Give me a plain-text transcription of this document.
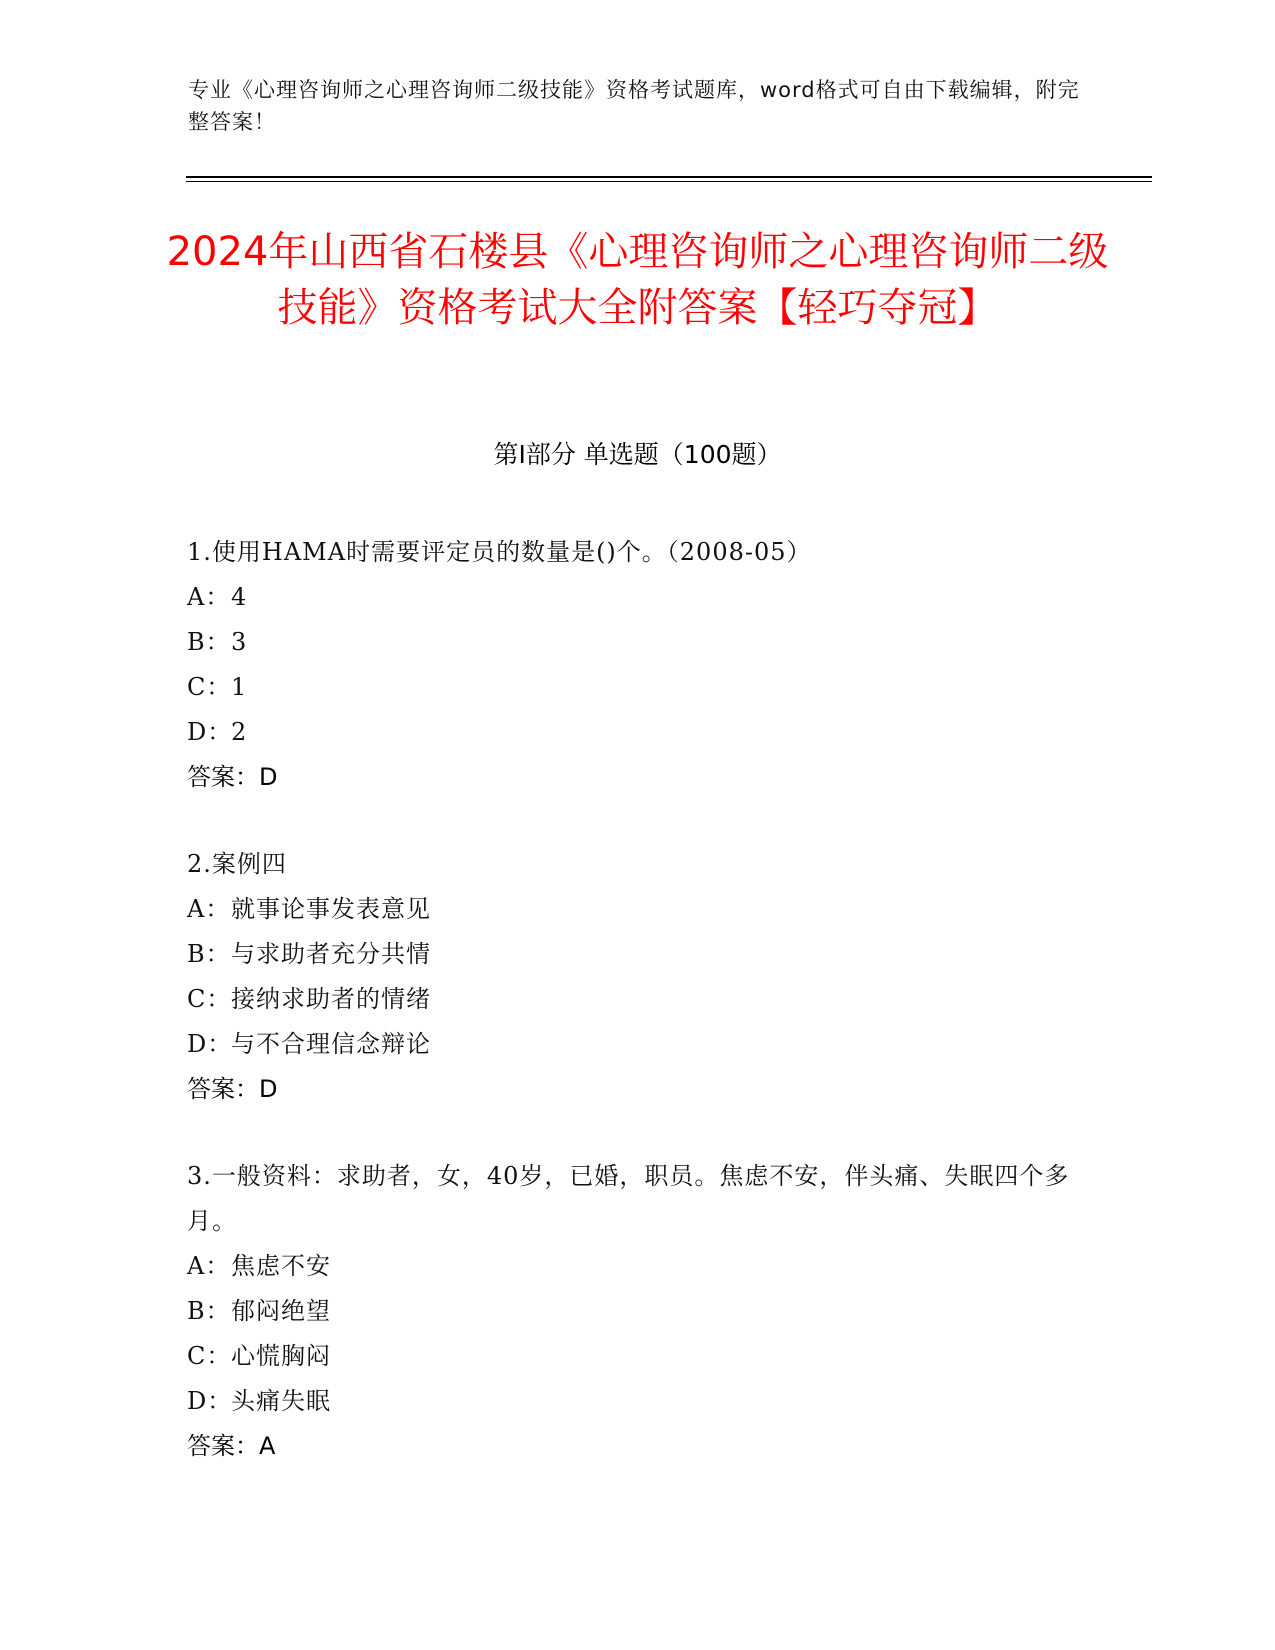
专业《心理咨询师之心理咨询师二级技能》资格考试题库，word格式可自由下载编辑，附完整答案！
2024年山西省石楼县《心理咨询师之心理咨询师二级技能》资格考试大全附答案【轻巧夺冠】
第I部分 单选题（100题）
1.使用HAMA时需要评定员的数量是()个。（2008-05）
A：4
B：3
C：1
D：2
答案：D
2.案例四
A：就事论事发表意见
B：与求助者充分共情
C：接纳求助者的情绪
D：与不合理信念辩论
答案：D
3.一般资料：求助者，女，40岁，已婚，职员。焦虑不安，伴头痛、失眠四个多月。
A：焦虑不安
B：郁闷绝望
C：心慌胸闷
D：头痛失眠
答案：A
